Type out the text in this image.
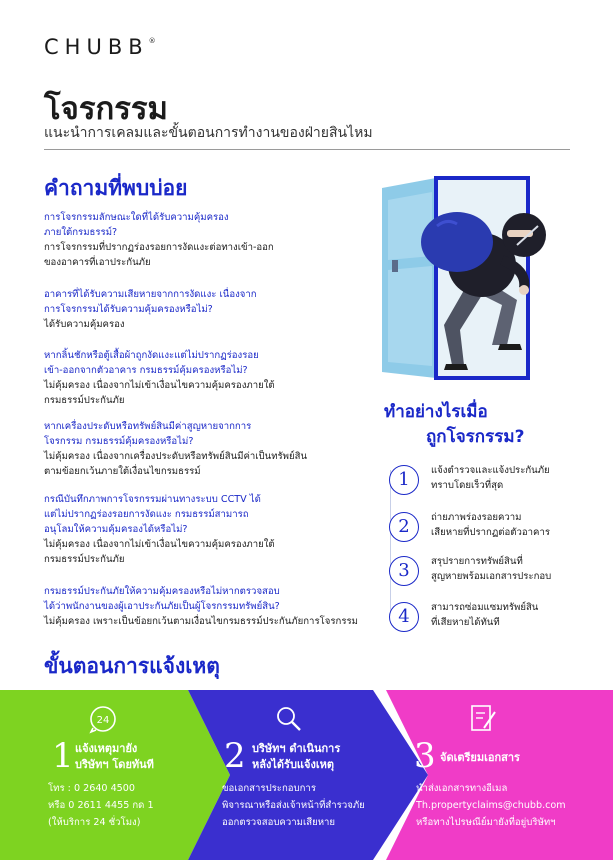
CHUBB®
โจรกรรม
แนะนำการเคลมและขั้นตอนการทำงานของฝ่ายสินไหม
คำถามที่พบบ่อย
การโจรกรรมลักษณะใดที่ได้รับความคุ้มครอง
ภายใต้กรมธรรม์?
การโจรกรรมที่ปรากฏร่องรอยการงัดแงะต่อทางเข้า-ออก
ของอาคารที่เอาประกันภัย
อาคารที่ได้รับความเสียหายจากการงัดแงะ เนื่องจาก
การโจรกรรมได้รับความคุ้มครองหรือไม่?
ได้รับความคุ้มครอง
หากลิ้นชักหรือตู้เสื้อผ้าถูกงัดแงะแต่ไม่ปรากฏร่องรอย
เข้า-ออกจากตัวอาคาร กรมธรรม์คุ้มครองหรือไม่?
ไม่คุ้มครอง เนื่องจากไม่เข้าเงื่อนไขความคุ้มครองภายใต้
กรมธรรม์ประกันภัย
หากเครื่องประดับหรือทรัพย์สินมีค่าสูญหายจากการ
โจรกรรม กรมธรรม์คุ้มครองหรือไม่?
ไม่คุ้มครอง เนื่องจากเครื่องประดับหรือทรัพย์สินมีค่าเป็นทรัพย์สิน
ตามข้อยกเว้นภายใต้เงื่อนไขกรมธรรม์
กรณีบันทึกภาพการโจรกรรมผ่านทางระบบ CCTV ได้
แต่ไม่ปรากฏร่องรอยการงัดแงะ กรมธรรม์สามารถ
อนุโลมให้ความคุ้มครองได้หรือไม่?
ไม่คุ้มครอง เนื่องจากไม่เข้าเงื่อนไขความคุ้มครองภายใต้
กรมธรรม์ประกันภัย
กรมธรรม์ประกันภัยให้ความคุ้มครองหรือไม่หากตรวจสอบ
ได้ว่าพนักงานของผู้เอาประกันภัยเป็นผู้โจรกรรมทรัพย์สิน?
ไม่คุ้มครอง เพราะเป็นข้อยกเว้นตามเงื่อนไขกรมธรรม์ประกันภัยการโจรกรรม
ทำอย่างไรเมื่อ
ถูกโจรกรรม?
1	แจ้งตำรวจและแจ้งประกันภัย
ทราบโดยเร็วที่สุด
2	ถ่ายภาพร่องรอยความ
เสียหายที่ปรากฏต่อตัวอาคาร
3	สรุปรายการทรัพย์สินที่
สูญหายพร้อมเอกสารประกอบ
4	สามารถซ่อมแซมทรัพย์สิน
ที่เสียหายได้ทันที
ขั้นตอนการแจ้งเหตุ
24
1 แจ้งเหตุมายัง
บริษัทฯ โดยทันที
โทร : 0 2640 4500
หรือ 0 2611 4455 กด 1
(ให้บริการ 24 ชั่วโมง)
2 บริษัทฯ ดำเนินการ
หลังได้รับแจ้งเหตุ
ขอเอกสารประกอบการ
พิจารณาหรือส่งเจ้าหน้าที่สำรวจภัย
ออกตรวจสอบความเสียหาย
3 จัดเตรียมเอกสาร
นำส่งเอกสารทางอีเมล
Th.propertyclaims@chubb.com
หรือทางไปรษณีย์มายังที่อยู่บริษัทฯ
